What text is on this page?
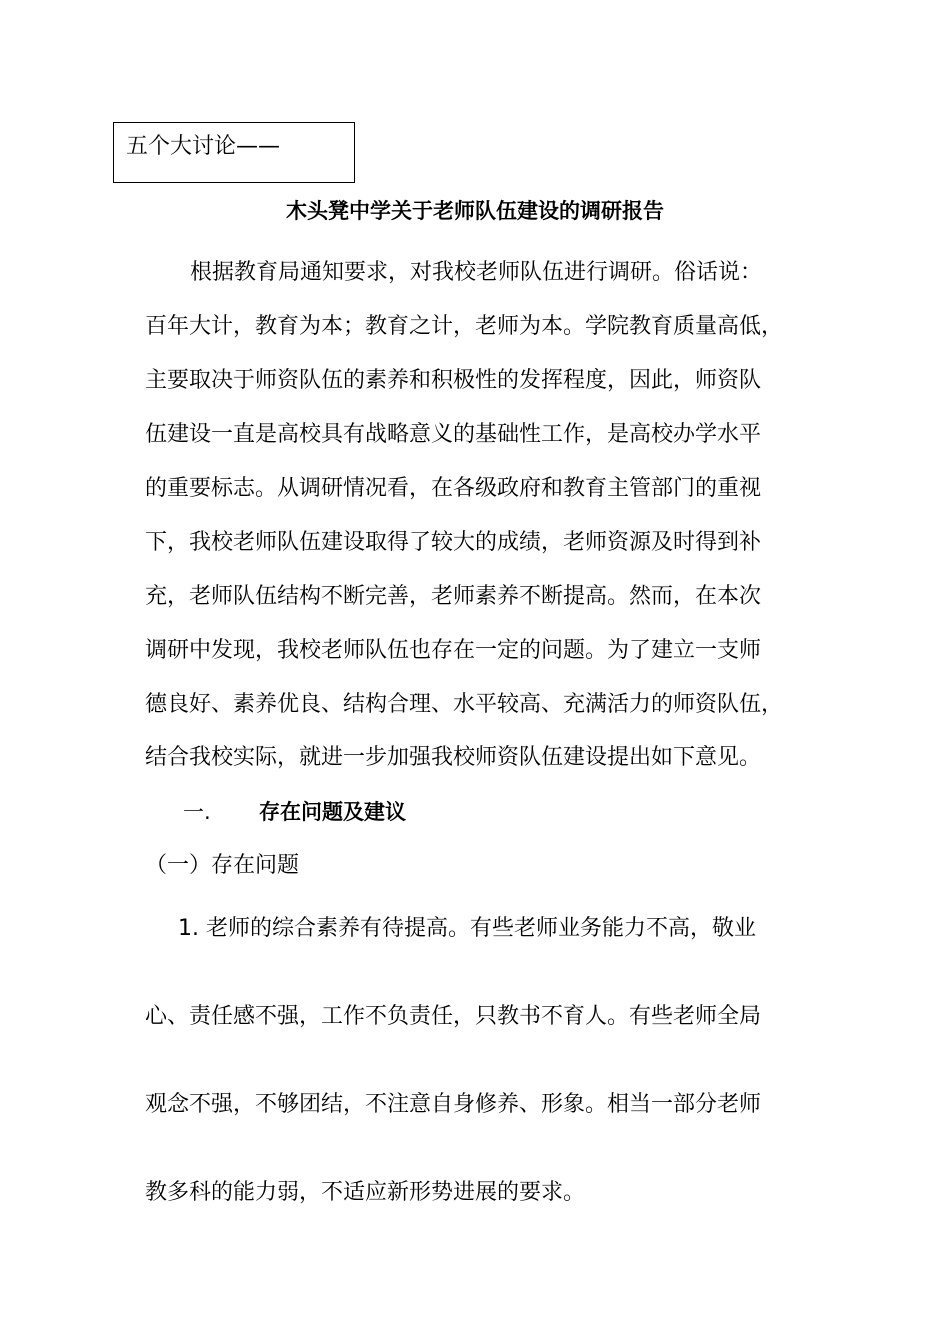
五个大讨论——
木头凳中学关于老师队伍建设的调研报告
根据教育局通知要求，对我校老师队伍进行调研。俗话说：
百年大计，教育为本；教育之计，老师为本。学院教育质量高低，
主要取决于师资队伍的素养和积极性的发挥程度，因此，师资队
伍建设一直是高校具有战略意义的基础性工作，是高校办学水平
的重要标志。从调研情况看，在各级政府和教育主管部门的重视
下，我校老师队伍建设取得了较大的成绩，老师资源及时得到补
充，老师队伍结构不断完善，老师素养不断提高。然而，在本次
调研中发现，我校老师队伍也存在一定的问题。为了建立一支师
德良好、素养优良、结构合理、水平较高、充满活力的师资队伍，
结合我校实际，就进一步加强我校师资队伍建设提出如下意见。
一. 存在问题及建议
（一）存在问题
1. 老师的综合素养有待提高。有些老师业务能力不高，敬业
心、责任感不强，工作不负责任，只教书不育人。有些老师全局
观念不强，不够团结，不注意自身修养、形象。相当一部分老师
教多科的能力弱，不适应新形势进展的要求。
